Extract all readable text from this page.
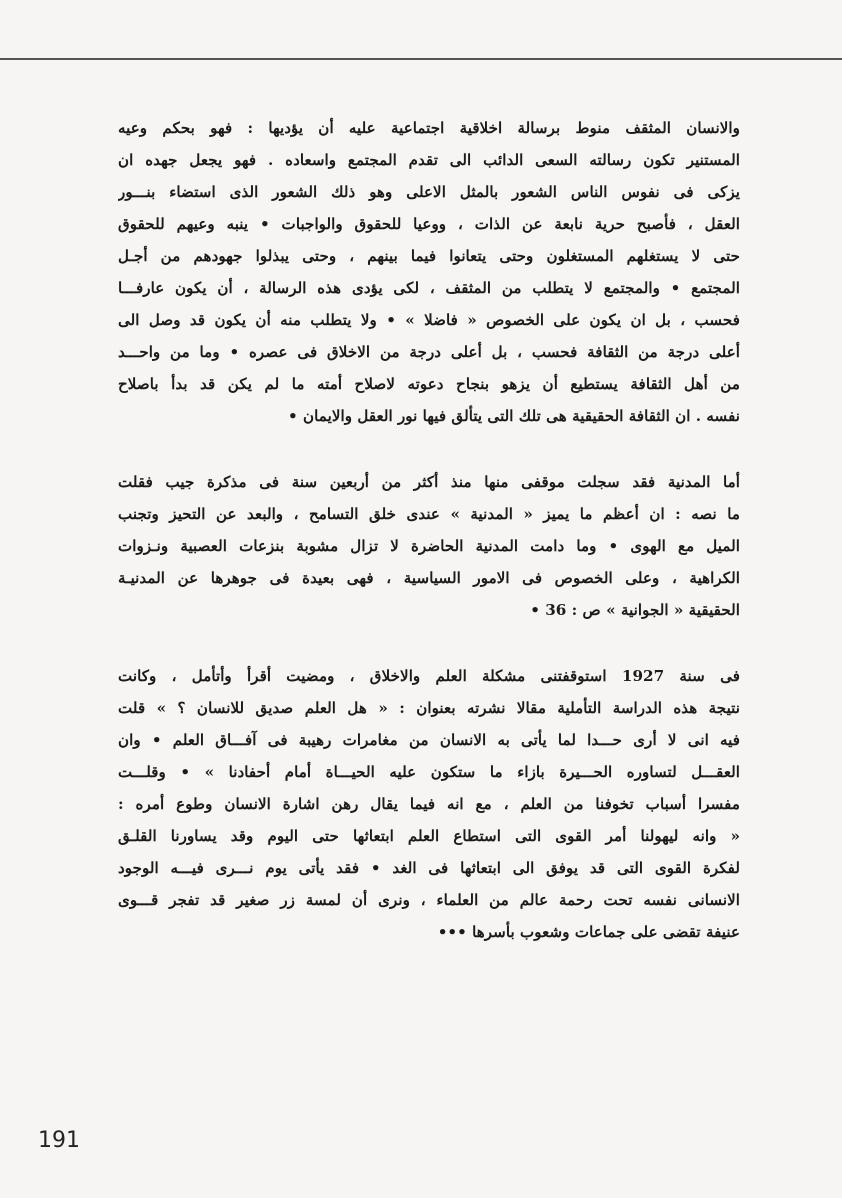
والانسان المثقف منوط برسالة اخلاقية اجتماعية عليه أن يؤديها : فهو بحكم وعيه
المستنير تكون رسالته السعى الدائب الى تقدم المجتمع واسعاده . فهو يجعل جهده ان
يزكى فى نفوس الناس الشعور بالمثل الاعلى وهو ذلك الشعور الذى استضاء بنـــور
العقل ، فأصبح حرية نابعة عن الذات ، ووعيا للحقوق والواجبات • ينبه وعيهم للحقوق
حتى لا يستغلهم المستغلون وحتى يتعانوا فيما بينهم ، وحتى يبذلوا جهودهم من أجـل
المجتمع • والمجتمع لا يتطلب من المثقف ، لكى يؤدى هذه الرسالة ، أن يكون عارفـــا
فحسب ، بل ان يكون على الخصوص « فاضلا » • ولا يتطلب منه أن يكون قد وصل الى
أعلى درجة من الثقافة فحسب ، بل أعلى درجة من الاخلاق فى عصره • وما من واحـــد
من أهل الثقافة يستطيع أن يزهو بنجاح دعوته لاصلاح أمته ما لم يكن قد بدأ باصلاح
نفسه . ان الثقافة الحقيقية هى تلك التى يتألق فيها نور العقل والايمان •
أما المدنية فقد سجلت موقفى منها منذ أكثر من أربعين سنة فى مذكرة جيب فقلت
ما نصه : ان أعظم ما يميز « المدنية » عندى خلق التسامح ، والبعد عن التحيز وتجنب
الميل مع الهوى • وما دامت المدنية الحاضرة لا تزال مشوبة بنزعات العصبية ونـزوات
الكراهية ، وعلى الخصوص فى الامور السياسية ، فهى بعيدة فى جوهرها عن المدنيـة
الحقيقية « الجوانية » ص : 36 •
فى سنة 1927 استوقفتنى مشكلة العلم والاخلاق ، ومضيت أقرأ وأتأمل ، وكانت
نتيجة هذه الدراسة التأملية مقالا نشرته بعنوان : « هل العلم صديق للانسان ؟ » قلت
فيه انى لا أرى حـــدا لما يأتى به الانسان من مغامرات رهيبة فى آفـــاق العلم • وان
العقـــل لتساوره الحـــيرة بازاء ما ستكون عليه الحيـــاة أمام أحفادنا » • وقلـــت
مفسرا أسباب تخوفنا من العلم ، مع انه فيما يقال رهن اشارة الانسان وطوع أمره :
« وانه ليهولنا أمر القوى التى استطاع العلم ابتعاثها حتى اليوم وقد يساورنا القلـق
لفكرة القوى التى قد يوفق الى ابتعاثها فى الغد • فقد يأتى يوم نـــرى فيـــه الوجود
الانسانى نفسه تحت رحمة عالم من العلماء ، ونرى أن لمسة زر صغير قد تفجر قـــوى
عنيفة تقضى على جماعات وشعوب بأسرها •••
191
